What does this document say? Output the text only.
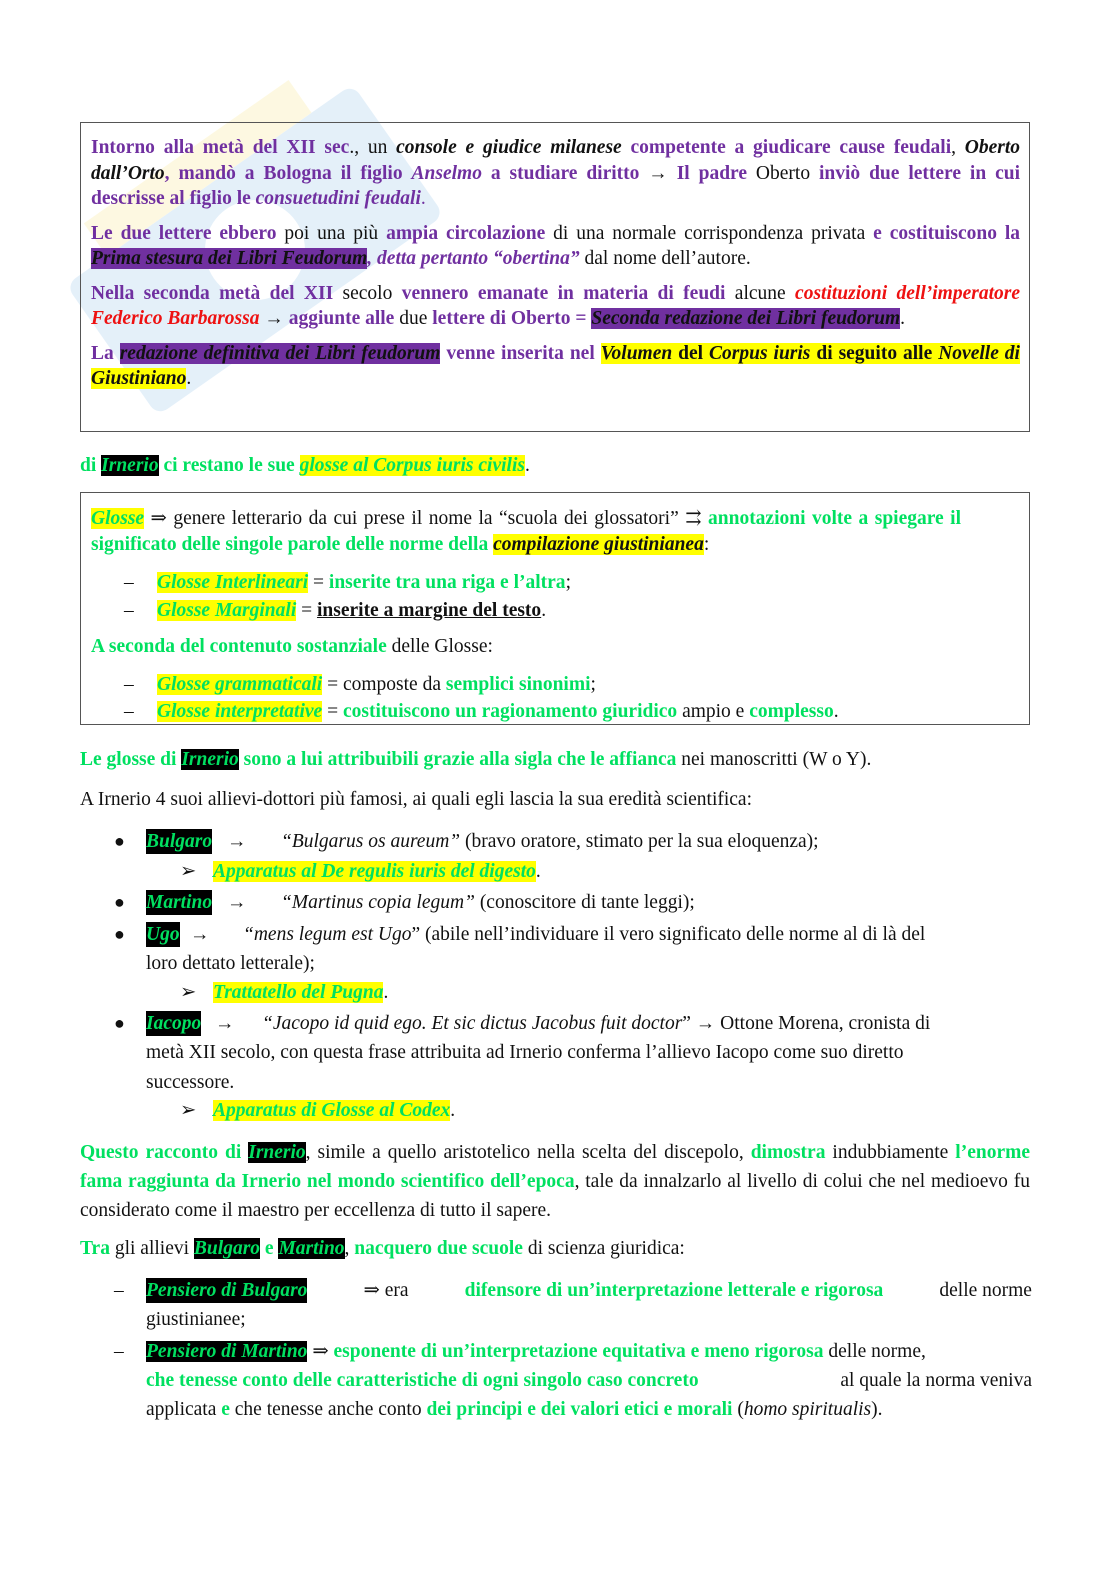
Intorno alla metà del XII sec., un console e giudice milanese competente a giudicare cause feudali, Oberto dall’Orto, mandò a Bologna il figlio Anselmo a studiare diritto → Il padre Oberto inviò due lettere in cui descrisse al figlio le consuetudini feudali.

Le due lettere ebbero poi una più ampia circolazione di una normale corrispondenza privata e costituiscono la Prima stesura dei Libri Feudorum, detta pertanto “obertina” dal nome dell’autore.

Nella seconda metà del XII secolo vennero emanate in materia di feudi alcune costituzioni dell’imperatore Federico Barbarossa → aggiunte alle due lettere di Oberto = Seconda redazione dei Libri feudorum.

La redazione definitiva dei Libri feudorum venne inserita nel Volumen del Corpus iuris di seguito alle Novelle di Giustiniano.

di Irnerio ci restano le sue glosse al Corpus iuris civilis.

Glosse ⇒ genere letterario da cui prese il nome la “scuola dei glossatori” ⇉ annotazioni volte a spiegare il significato delle singole parole delle norme della compilazione giustinianea:

– Glosse Interlineari = inserite tra una riga e l’altra;
– Glosse Marginali = inserite a margine del testo.
A seconda del contenuto sostanziale delle Glosse:
– Glosse grammaticali = composte da semplici sinonimi;
– Glosse interpretative = costituiscono un ragionamento giuridico ampio e complesso.
Le glosse di Irnerio sono a lui attribuibili grazie alla sigla che le affianca nei manoscritti (W o Y).
A Irnerio 4 suoi allievi-dottori più famosi, ai quali egli lascia la sua eredità scientifica:
● Bulgaro → “Bulgarus os aureum” (bravo oratore, stimato per la sua eloquenza);
➢ Apparatus al De regulis iuris del digesto.
● Martino → “Martinus copia legum” (conoscitore di tante leggi);
● Ugo → “mens legum est Ugo” (abile nell’individuare il vero significato delle norme al di là del
loro dettato letterale);
➢ Trattatello del Pugna.
● Iacopo → “Jacopo id quid ego. Et sic dictus Jacobus fuit doctor” → Ottone Morena, cronista di
metà XII secolo, con questa frase attribuita ad Irnerio conferma l’allievo Iacopo come suo diretto
successore.
➢ Apparatus di Glosse al Codex.

Questo racconto di Irnerio, simile a quello aristotelico nella scelta del discepolo, dimostra indubbiamente l’enorme fama raggiunta da Irnerio nel mondo scientifico dell’epoca, tale da innalzarlo al livello di colui che nel medioevo fu considerato come il maestro per eccellenza di tutto il sapere.

Tra gli allievi Bulgaro e Martino, nacquero due scuole di scienza giuridica:
– Pensiero di Bulgaro	⇒ era	difensore di un’interpretazione letterale e rigorosa	delle norme
giustinianee;
– Pensiero di Martino ⇒ esponente di un’interpretazione equitativa e meno rigorosa delle norme,
che tenesse conto delle caratteristiche di ogni singolo caso concreto	al quale la norma veniva
applicata e che tenesse anche conto dei principi e dei valori etici e morali (homo spiritualis).
